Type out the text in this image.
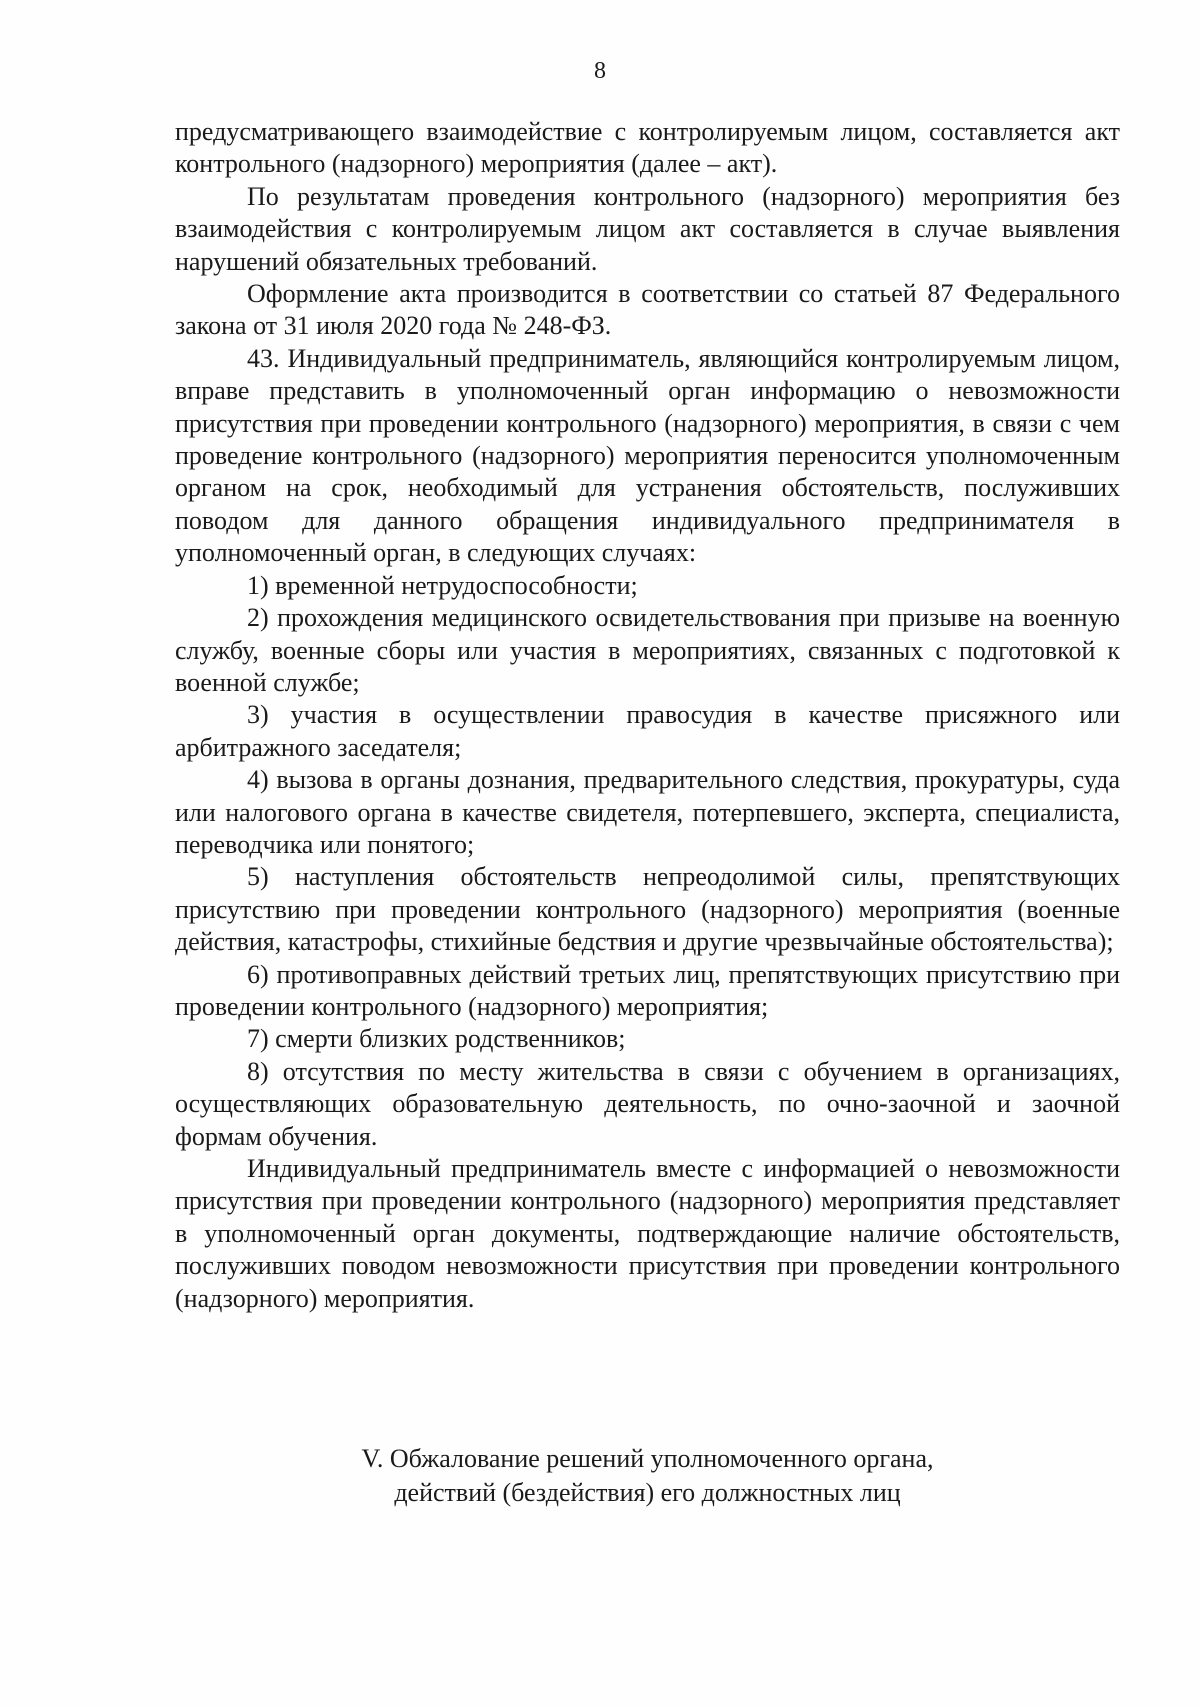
8

предусматривающего взаимодействие с контролируемым лицом, составляется акт контрольного (надзорного) мероприятия (далее – акт).

По результатам проведения контрольного (надзорного) мероприятия без взаимодействия с контролируемым лицом акт составляется в случае выявления нарушений обязательных требований.

Оформление акта производится в соответствии со статьей 87 Федерального закона от 31 июля 2020 года № 248-ФЗ.

43. Индивидуальный предприниматель, являющийся контролируемым лицом, вправе представить в уполномоченный орган информацию о невозможности присутствия при проведении контрольного (надзорного) мероприятия, в связи с чем проведение контрольного (надзорного) мероприятия переносится уполномоченным органом на срок, необходимый для устранения обстоятельств, послуживших поводом для данного обращения индивидуального предпринимателя в уполномоченный орган, в следующих случаях:

1) временной нетрудоспособности;

2) прохождения медицинского освидетельствования при призыве на военную службу, военные сборы или участия в мероприятиях, связанных с подготовкой к военной службе;

3) участия в осуществлении правосудия в качестве присяжного или арбитражного заседателя;

4) вызова в органы дознания, предварительного следствия, прокуратуры, суда или налогового органа в качестве свидетеля, потерпевшего, эксперта, специалиста, переводчика или понятого;

5) наступления обстоятельств непреодолимой силы, препятствующих присутствию при проведении контрольного (надзорного) мероприятия (военные действия, катастрофы, стихийные бедствия и другие чрезвычайные обстоятельства);

6) противоправных действий третьих лиц, препятствующих присутствию при проведении контрольного (надзорного) мероприятия;

7) смерти близких родственников;

8) отсутствия по месту жительства в связи с обучением в организациях, осуществляющих образовательную деятельность, по очно-заочной и заочной формам обучения.

Индивидуальный предприниматель вместе с информацией о невозможности присутствия при проведении контрольного (надзорного) мероприятия представляет в уполномоченный орган документы, подтверждающие наличие обстоятельств, послуживших поводом невозможности присутствия при проведении контрольного (надзорного) мероприятия.

V. Обжалование решений уполномоченного органа,
действий (бездействия) его должностных лиц
